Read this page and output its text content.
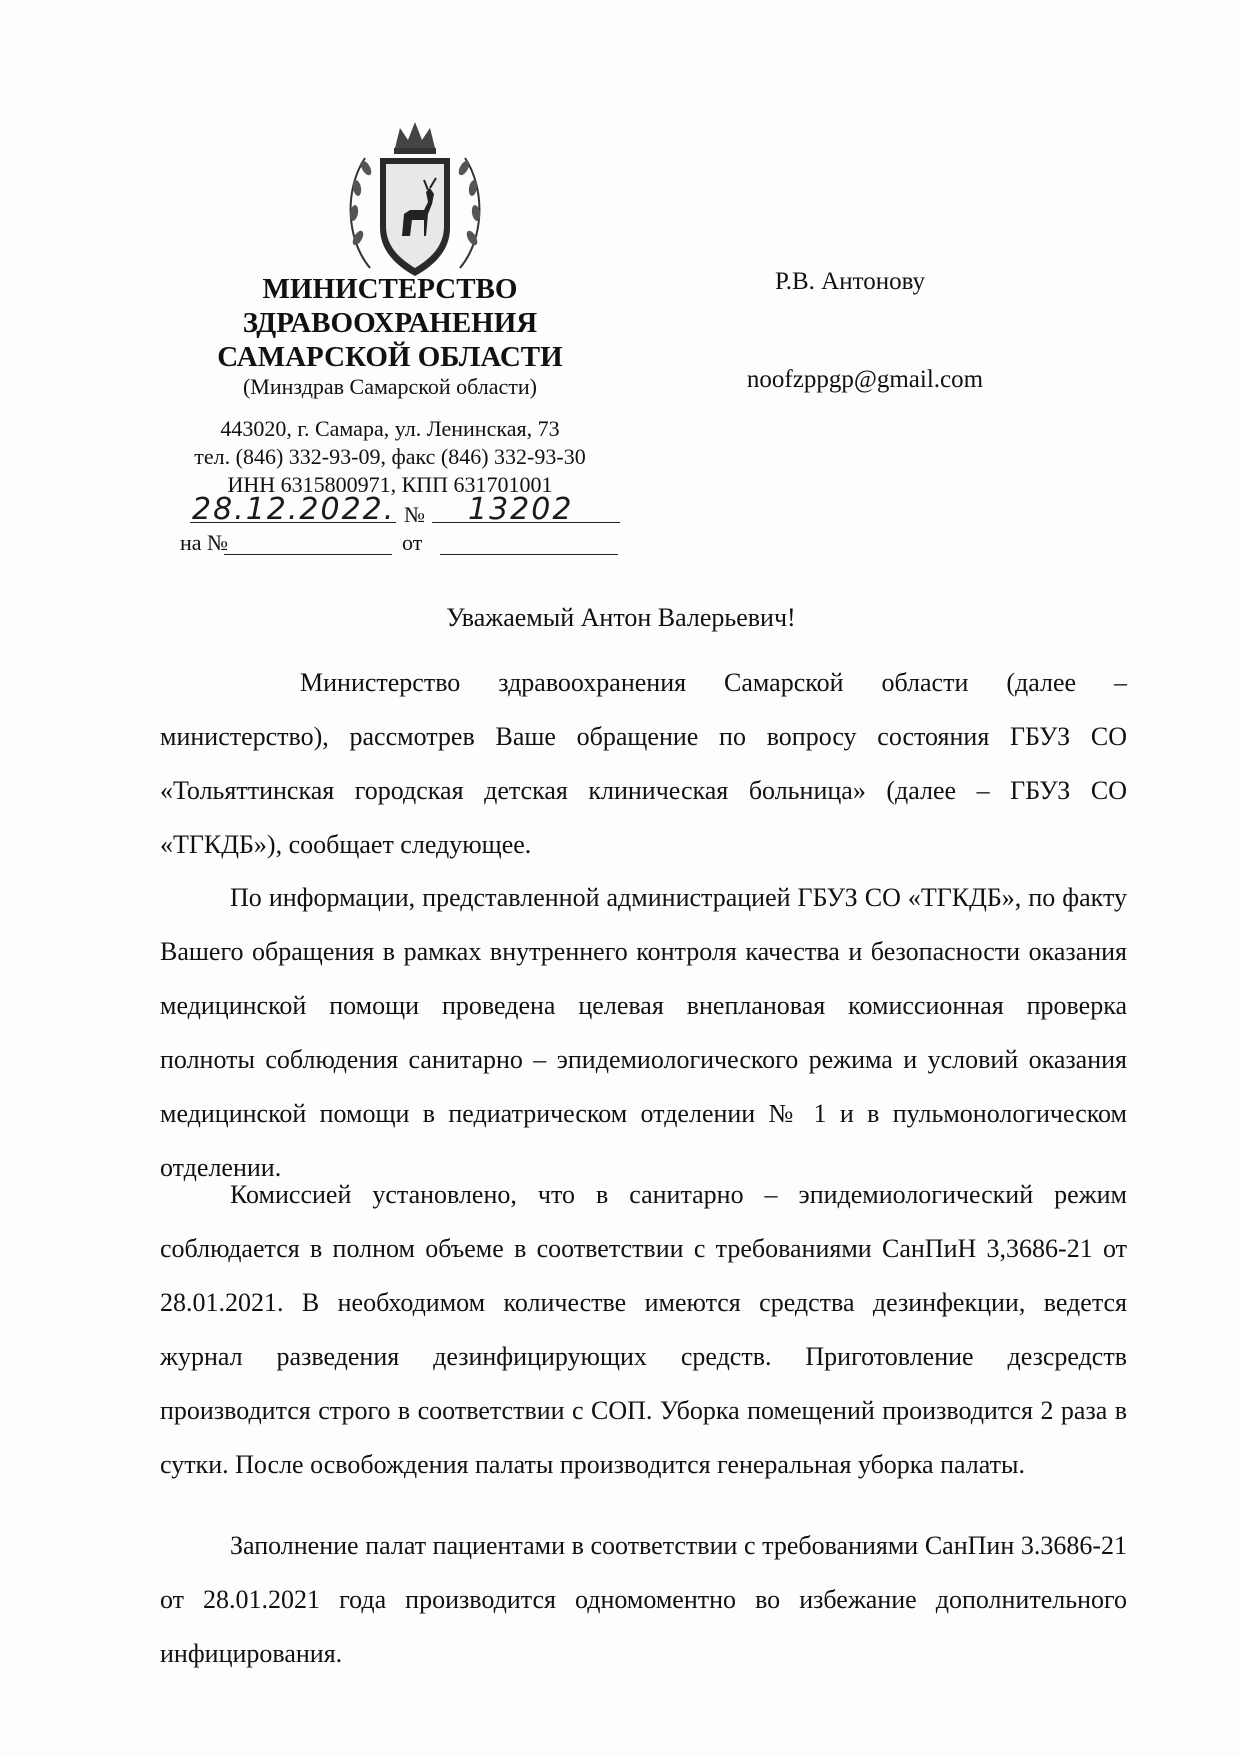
МИНИСТЕРСТВО
ЗДРАВООХРАНЕНИЯ
САМАРСКОЙ ОБЛАСТИ
(Минздрав Самарской области)
443020, г. Самара, ул. Ленинская, 73
тел. (846) 332-93-09, факс (846) 332-93-30
ИНН 6315800971, КПП 631701001
28.12.2022. № 13202
на №	от
Р.В. Антонову
noofzppgp@gmail.com
Уважаемый Антон Валерьевич!

Министерство здравоохранения Самарской области (далее – министерство), рассмотрев Ваше обращение по вопросу состояния ГБУЗ СО «Тольяттинская городская детская клиническая больница» (далее – ГБУЗ СО «ТГКДБ»), сообщает следующее.

По информации, представленной администрацией ГБУЗ СО «ТГКДБ», по факту Вашего обращения в рамках внутреннего контроля качества и безопасности оказания медицинской помощи проведена целевая внеплановая комиссионная проверка полноты соблюдения санитарно – эпидемиологического режима и условий оказания медицинской помощи в педиатрическом отделении № 1 и в пульмонологическом отделении.

Комиссией установлено, что в санитарно – эпидемиологический режим соблюдается в полном объеме в соответствии с требованиями СанПиН 3,3686-21 от 28.01.2021. В необходимом количестве имеются средства дезинфекции, ведется журнал разведения дезинфицирующих средств. Приготовление дезсредств производится строго в соответствии с СОП. Уборка помещений производится 2 раза в сутки. После освобождения палаты производится генеральная уборка палаты.

Заполнение палат пациентами в соответствии с требованиями СанПин 3.3686-21 от 28.01.2021 года производится одномоментно во избежание дополнительного инфицирования.
